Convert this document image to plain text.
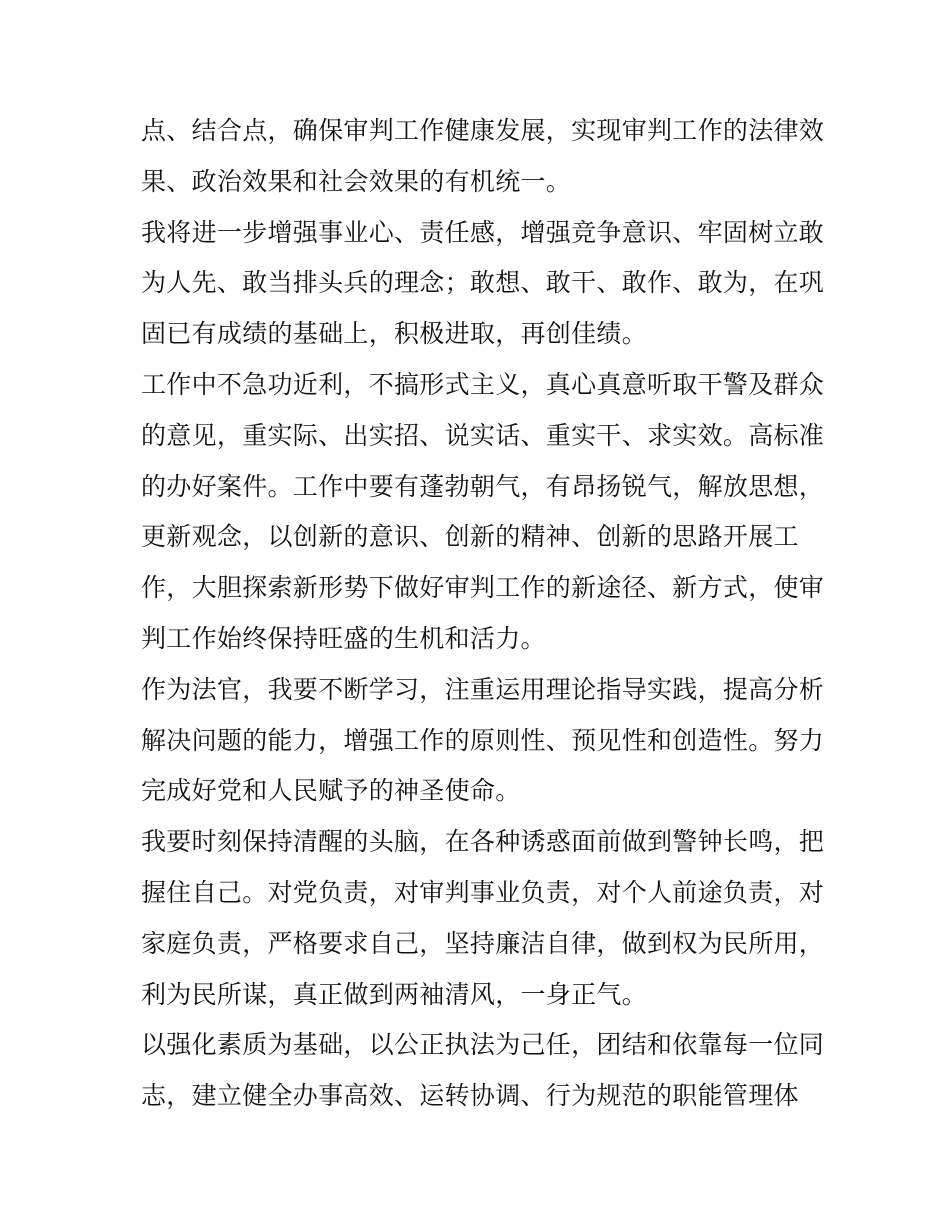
点、结合点，确保审判工作健康发展，实现审判工作的法律效
果、政治效果和社会效果的有机统一。
我将进一步增强事业心、责任感，增强竞争意识、牢固树立敢
为人先、敢当排头兵的理念；敢想、敢干、敢作、敢为，在巩
固已有成绩的基础上，积极进取，再创佳绩。
工作中不急功近利，不搞形式主义，真心真意听取干警及群众
的意见，重实际、出实招、说实话、重实干、求实效。高标准
的办好案件。工作中要有蓬勃朝气，有昂扬锐气，解放思想，
更新观念，以创新的意识、创新的精神、创新的思路开展工
作，大胆探索新形势下做好审判工作的新途径、新方式，使审
判工作始终保持旺盛的生机和活力。
作为法官，我要不断学习，注重运用理论指导实践，提高分析
解决问题的能力，增强工作的原则性、预见性和创造性。努力
完成好党和人民赋予的神圣使命。
我要时刻保持清醒的头脑，在各种诱惑面前做到警钟长鸣，把
握住自己。对党负责，对审判事业负责，对个人前途负责，对
家庭负责，严格要求自己，坚持廉洁自律，做到权为民所用，
利为民所谋，真正做到两袖清风，一身正气。
以强化素质为基础，以公正执法为己任，团结和依靠每一位同
志，建立健全办事高效、运转协调、行为规范的职能管理体
